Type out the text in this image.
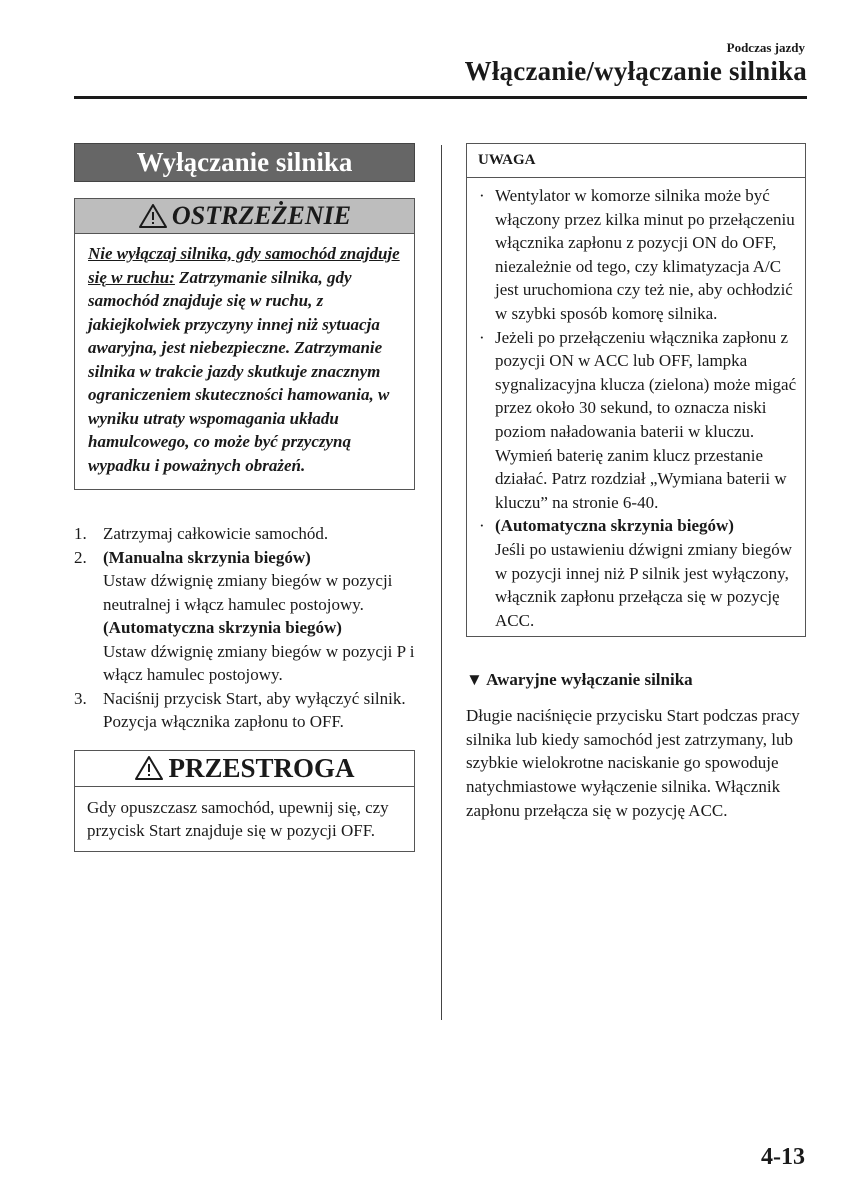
Podczas jazdy
Włączanie/wyłączanie silnika
Wyłączanie silnika
OSTRZEŻENIE
Nie wyłączaj silnika, gdy samochód znajduje się w ruchu: Zatrzymanie silnika, gdy samochód znajduje się w ruchu, z jakiejkolwiek przyczyny innej niż sytuacja awaryjna, jest niebezpieczne. Zatrzymanie silnika w trakcie jazdy skutkuje znacznym ograniczeniem skuteczności hamowania, w wyniku utraty wspomagania układu hamulcowego, co może być przyczyną wypadku i poważnych obrażeń.
1. Zatrzymaj całkowicie samochód.
2. (Manualna skrzynia biegów)
Ustaw dźwignię zmiany biegów w pozycji neutralnej i włącz hamulec postojowy.
(Automatyczna skrzynia biegów)
Ustaw dźwignię zmiany biegów w pozycji P i włącz hamulec postojowy.
3. Naciśnij przycisk Start, aby wyłączyć silnik. Pozycja włącznika zapłonu to OFF.
PRZESTROGA
Gdy opuszczasz samochód, upewnij się, czy przycisk Start znajduje się w pozycji OFF.
UWAGA
· Wentylator w komorze silnika może być włączony przez kilka minut po przełączeniu włącznika zapłonu z pozycji ON do OFF, niezależnie od tego, czy klimatyzacja A/C jest uruchomiona czy też nie, aby ochłodzić w szybki sposób komorę silnika.
· Jeżeli po przełączeniu włącznika zapłonu z pozycji ON w ACC lub OFF, lampka sygnalizacyjna klucza (zielona) może migać przez około 30 sekund, to oznacza niski poziom naładowania baterii w kluczu. Wymień baterię zanim klucz przestanie działać. Patrz rozdział „Wymiana baterii w kluczu” na stronie 6-40.
· (Automatyczna skrzynia biegów)
Jeśli po ustawieniu dźwigni zmiany biegów w pozycji innej niż P silnik jest wyłączony, włącznik zapłonu przełącza się w pozycję ACC.
▼ Awaryjne wyłączanie silnika
Długie naciśnięcie przycisku Start podczas pracy silnika lub kiedy samochód jest zatrzymany, lub szybkie wielokrotne naciskanie go spowoduje natychmiastowe wyłączenie silnika. Włącznik zapłonu przełącza się w pozycję ACC.
4-13
